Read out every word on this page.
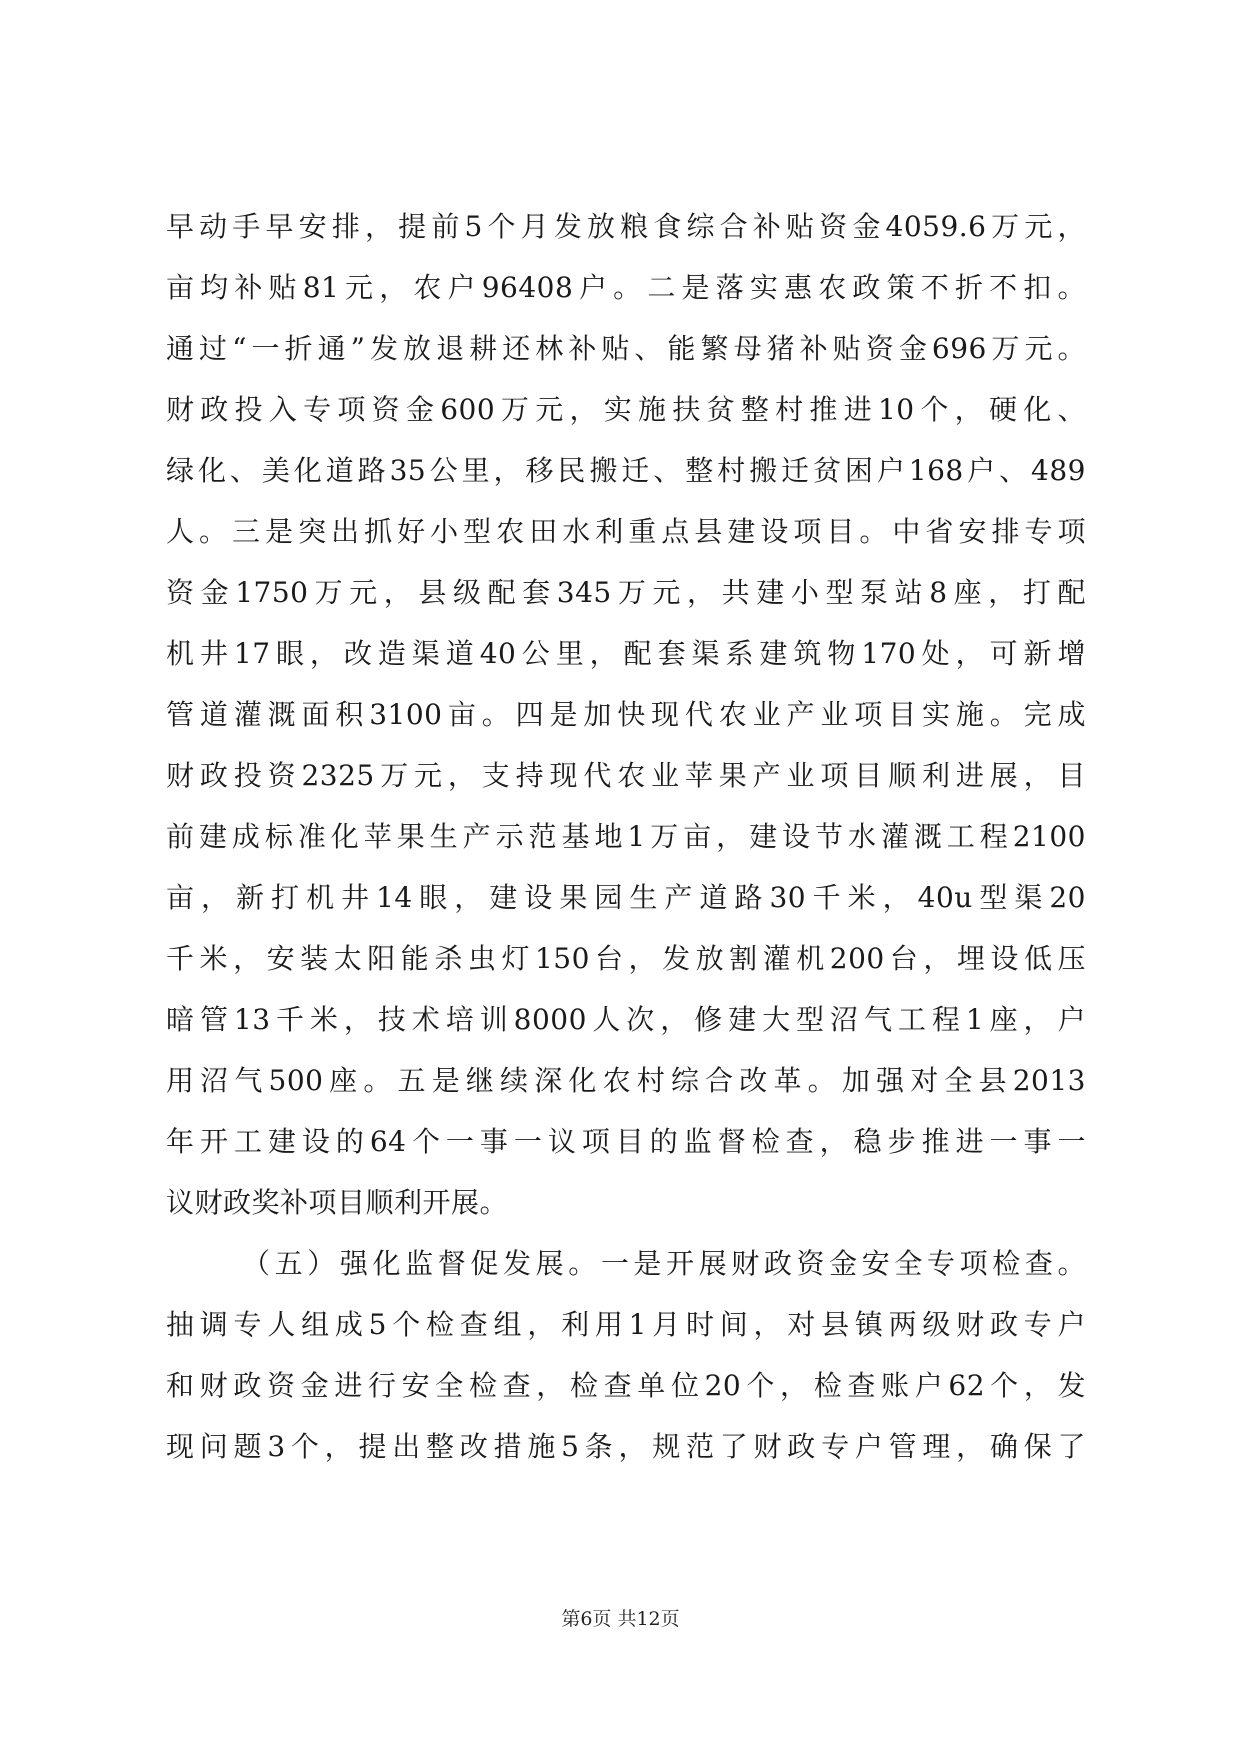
早动手早安排，提前5个月发放粮食综合补贴资金4059.6万元，
亩均补贴81元，农户96408户。二是落实惠农政策不折不扣。
通过“一折通”发放退耕还林补贴、能繁母猪补贴资金696万元。
财政投入专项资金600万元，实施扶贫整村推进10个，硬化、
绿化、美化道路35公里，移民搬迁、整村搬迁贫困户168户、489
人。三是突出抓好小型农田水利重点县建设项目。中省安排专项
资金1750万元，县级配套345万元，共建小型泵站8座，打配
机井17眼，改造渠道40公里，配套渠系建筑物170处，可新增
管道灌溉面积3100亩。四是加快现代农业产业项目实施。完成
财政投资2325万元，支持现代农业苹果产业项目顺利进展，目
前建成标准化苹果生产示范基地1万亩，建设节水灌溉工程2100
亩，新打机井14眼，建设果园生产道路30千米，40u型渠20
千米，安装太阳能杀虫灯150台，发放割灌机200台，埋设低压
暗管13千米，技术培训8000人次，修建大型沼气工程1座，户
用沼气500座。五是继续深化农村综合改革。加强对全县2013
年开工建设的64个一事一议项目的监督检查，稳步推进一事一
议财政奖补项目顺利开展。
（五）强化监督促发展。一是开展财政资金安全专项检查。
抽调专人组成5个检查组，利用1月时间，对县镇两级财政专户
和财政资金进行安全检查，检查单位20个，检查账户62个，发
现问题3个，提出整改措施5条，规范了财政专户管理，确保了
第6页 共12页
